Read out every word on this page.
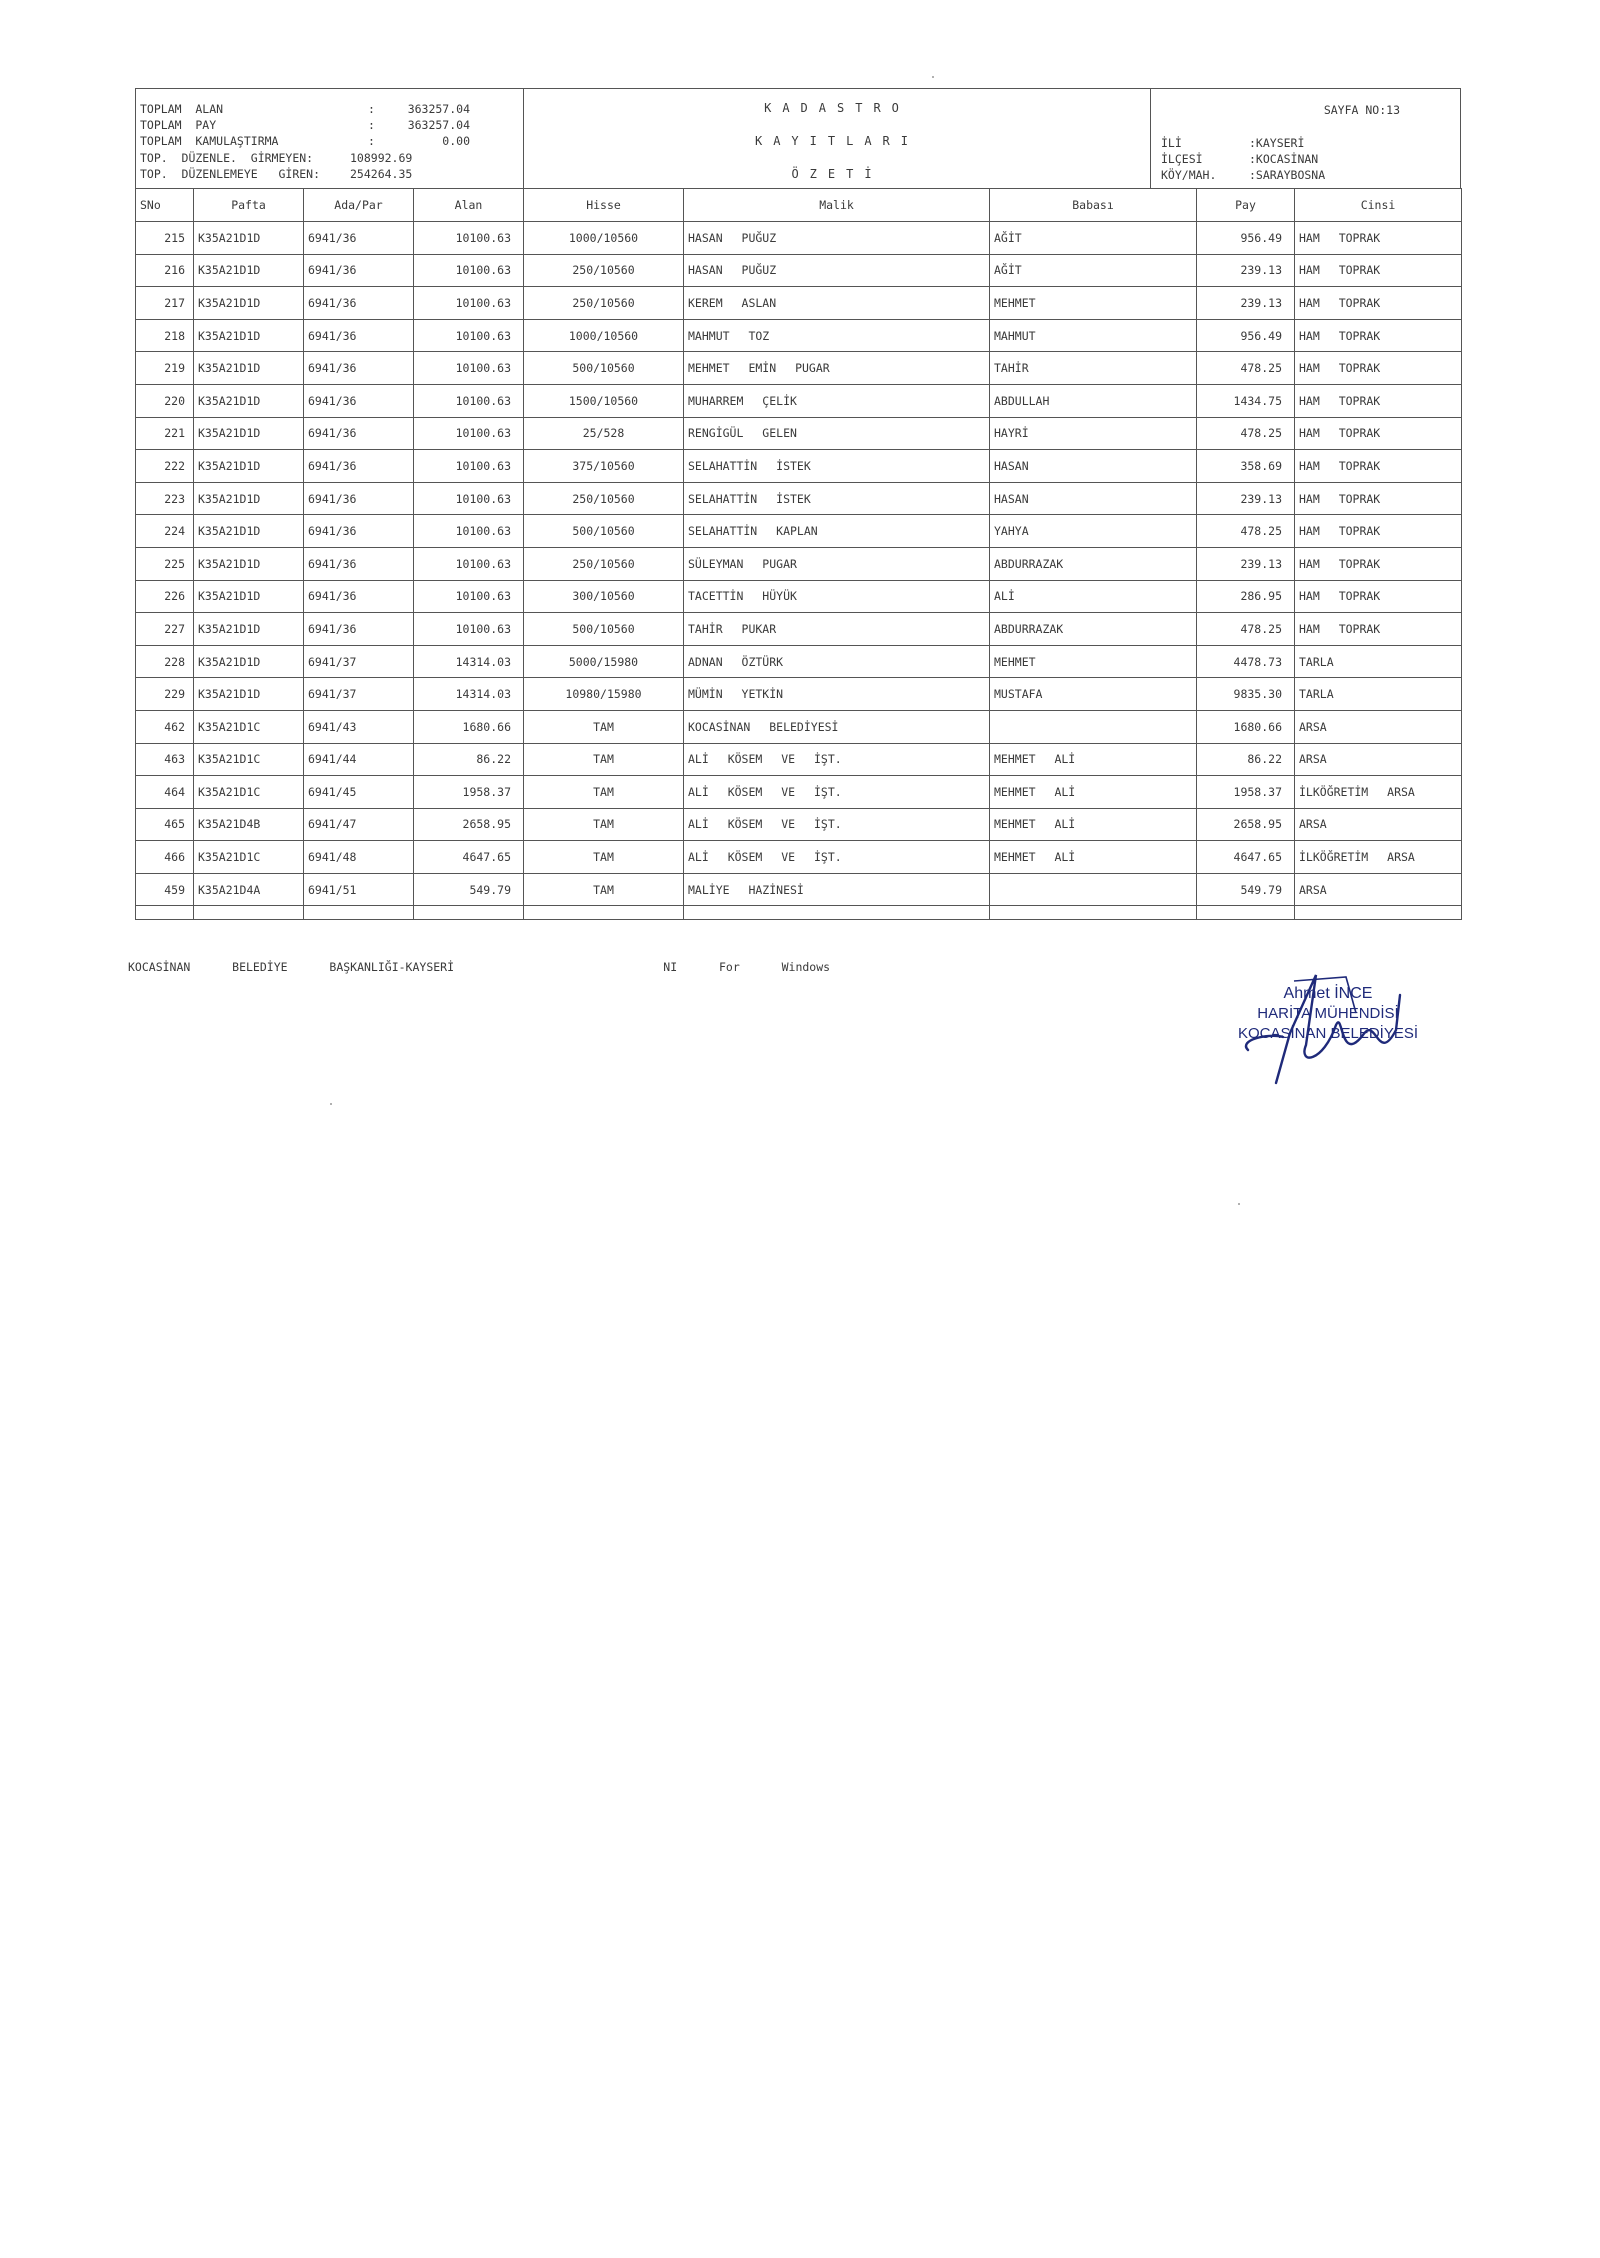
TOPLAM  ALAN	:	363257.04
TOPLAM  PAY	:	363257.04
TOPLAM  KAMULAŞTIRMA	:	0.00
TOP.  DÜZENLE.  GİRMEYEN:	108992.69
TOP.  DÜZENLEMEYE   GİREN:	254264.35
KADASTRO
KAYITLARI
ÖZETİ
SAYFA NO:13
İLİ	:KAYSERİ
İLÇESİ	:KOCASİNAN
KÖY/MAH.	:SARAYBOSNA
SNo	Pafta	Ada/Par	Alan	Hisse	Malik	Babası	Pay	Cinsi
215	K35A21D1D	6941/36	10100.63	1000/10560	HASAN PUĞUZ	AĞİT	956.49	HAM TOPRAK
216	K35A21D1D	6941/36	10100.63	250/10560	HASAN PUĞUZ	AĞİT	239.13	HAM TOPRAK
217	K35A21D1D	6941/36	10100.63	250/10560	KEREM ASLAN	MEHMET	239.13	HAM TOPRAK
218	K35A21D1D	6941/36	10100.63	1000/10560	MAHMUT TOZ	MAHMUT	956.49	HAM TOPRAK
219	K35A21D1D	6941/36	10100.63	500/10560	MEHMET EMİN PUGAR	TAHİR	478.25	HAM TOPRAK
220	K35A21D1D	6941/36	10100.63	1500/10560	MUHARREM ÇELİK	ABDULLAH	1434.75	HAM TOPRAK
221	K35A21D1D	6941/36	10100.63	25/528	RENGİGÜL GELEN	HAYRİ	478.25	HAM TOPRAK
222	K35A21D1D	6941/36	10100.63	375/10560	SELAHATTİN İSTEK	HASAN	358.69	HAM TOPRAK
223	K35A21D1D	6941/36	10100.63	250/10560	SELAHATTİN İSTEK	HASAN	239.13	HAM TOPRAK
224	K35A21D1D	6941/36	10100.63	500/10560	SELAHATTİN KAPLAN	YAHYA	478.25	HAM TOPRAK
225	K35A21D1D	6941/36	10100.63	250/10560	SÜLEYMAN PUGAR	ABDURRAZAK	239.13	HAM TOPRAK
226	K35A21D1D	6941/36	10100.63	300/10560	TACETTİN HÜYÜK	ALİ	286.95	HAM TOPRAK
227	K35A21D1D	6941/36	10100.63	500/10560	TAHİR PUKAR	ABDURRAZAK	478.25	HAM TOPRAK
228	K35A21D1D	6941/37	14314.03	5000/15980	ADNAN ÖZTÜRK	MEHMET	4478.73	TARLA
229	K35A21D1D	6941/37	14314.03	10980/15980	MÜMİN YETKİN	MUSTAFA	9835.30	TARLA
462	K35A21D1C	6941/43	1680.66	TAM	KOCASİNAN BELEDİYESİ		1680.66	ARSA
463	K35A21D1C	6941/44	86.22	TAM	ALİ KÖSEM VE İŞT.	MEHMET ALİ	86.22	ARSA
464	K35A21D1C	6941/45	1958.37	TAM	ALİ KÖSEM VE İŞT.	MEHMET ALİ	1958.37	İLKÖĞRETİM ARSA
465	K35A21D4B	6941/47	2658.95	TAM	ALİ KÖSEM VE İŞT.	MEHMET ALİ	2658.95	ARSA
466	K35A21D1C	6941/48	4647.65	TAM	ALİ KÖSEM VE İŞT.	MEHMET ALİ	4647.65	İLKÖĞRETİM ARSA
459	K35A21D4A	6941/51	549.79	TAM	MALİYE HAZİNESİ		549.79	ARSA

KOCASİNAN  BELEDİYE  BAŞKANLIĞI-KAYSERİ	NI  For  Windows
Ahmet İNCE
HARİTA MÜHENDİSİ
KOCASİNAN BELEDİYESİ
